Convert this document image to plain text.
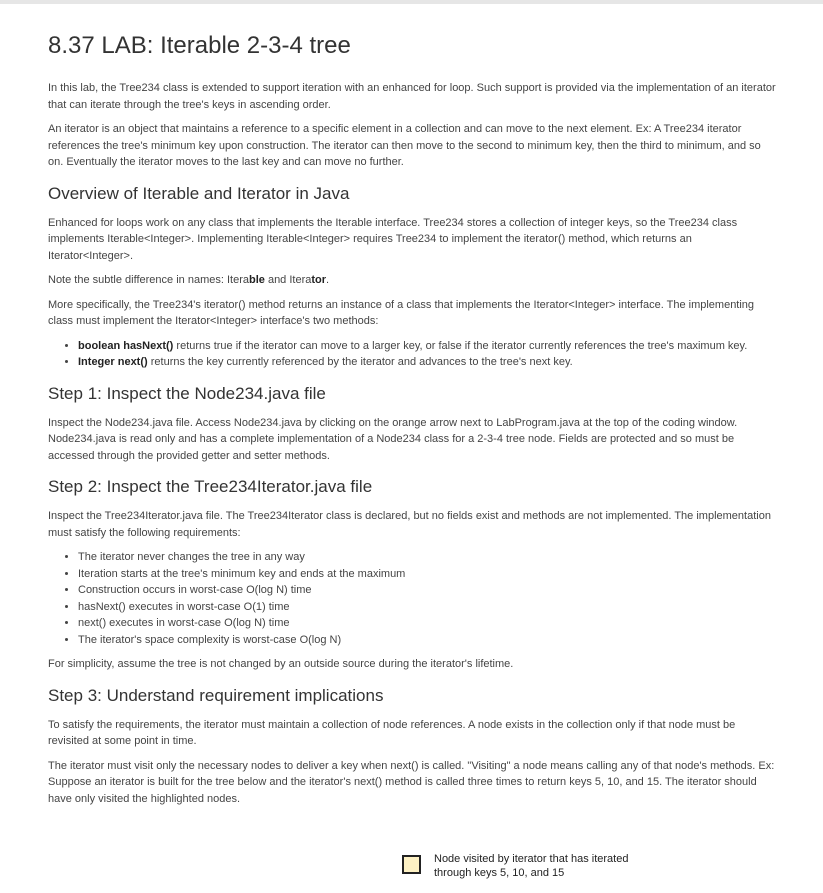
8.37 LAB: Iterable 2-3-4 tree

In this lab, the Tree234 class is extended to support iteration with an enhanced for loop. Such support is provided via the implementation of an iterator that can iterate through the tree's keys in ascending order.

An iterator is an object that maintains a reference to a specific element in a collection and can move to the next element. Ex: A Tree234 iterator references the tree's minimum key upon construction. The iterator can then move to the second to minimum key, then the third to minimum, and so on. Eventually the iterator moves to the last key and can move no further.

Overview of Iterable and Iterator in Java

Enhanced for loops work on any class that implements the Iterable interface. Tree234 stores a collection of integer keys, so the Tree234 class implements Iterable<Integer>. Implementing Iterable<Integer> requires Tree234 to implement the iterator() method, which returns an Iterator<Integer>.

Note the subtle difference in names: Iterable and Iterator.

More specifically, the Tree234's iterator() method returns an instance of a class that implements the Iterator<Integer> interface. The implementing class must implement the Iterator<Integer> interface's two methods:

• boolean hasNext() returns true if the iterator can move to a larger key, or false if the iterator currently references the tree's maximum key.
• Integer next() returns the key currently referenced by the iterator and advances to the tree's next key.
Step 1: Inspect the Node234.java file

Inspect the Node234.java file. Access Node234.java by clicking on the orange arrow next to LabProgram.java at the top of the coding window. Node234.java is read only and has a complete implementation of a Node234 class for a 2-3-4 tree node. Fields are protected and so must be accessed through the provided getter and setter methods.

Step 2: Inspect the Tree234Iterator.java file

Inspect the Tree234Iterator.java file. The Tree234Iterator class is declared, but no fields exist and methods are not implemented. The implementation must satisfy the following requirements:

• The iterator never changes the tree in any way
• Iteration starts at the tree's minimum key and ends at the maximum
• Construction occurs in worst-case O(log N) time
• hasNext() executes in worst-case O(1) time
• next() executes in worst-case O(log N) time
• The iterator's space complexity is worst-case O(log N)

For simplicity, assume the tree is not changed by an outside source during the iterator's lifetime.

Step 3: Understand requirement implications

To satisfy the requirements, the iterator must maintain a collection of node references. A node exists in the collection only if that node must be revisited at some point in time.

The iterator must visit only the necessary nodes to deliver a key when next() is called. "Visiting" a node means calling any of that node's methods. Ex: Suppose an iterator is built for the tree below and the iterator's next() method is called three times to return keys 5, 10, and 15. The iterator should have only visited the highlighted nodes.

Node visited by iterator that has iterated through keys 5, 10, and 15
